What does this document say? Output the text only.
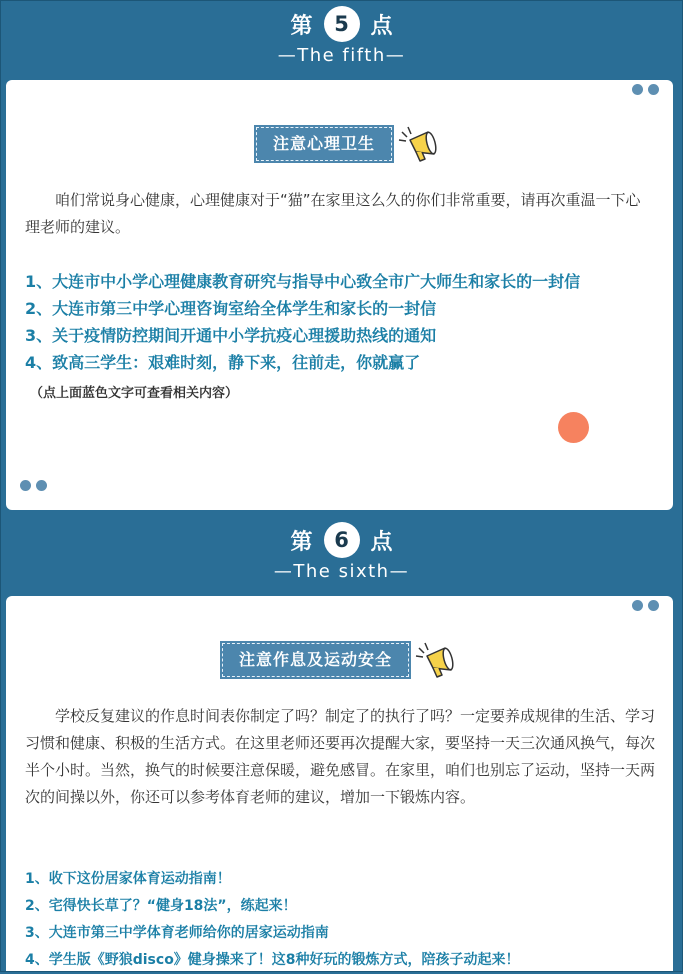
第	5 点
—The fifth—
注意心理卫生

咱们常说身心健康，心理健康对于“猫”在家里这么久的你们非常重要，请再次重温一下心理老师的建议。

1、大连市中小学心理健康教育研究与指导中心致全市广大师生和家长的一封信
2、大连市第三中学心理咨询室给全体学生和家长的一封信
3、关于疫情防控期间开通中小学抗疫心理援助热线的通知
4、致高三学生：艰难时刻，静下来，往前走，你就赢了
（点上面蓝色文字可查看相关内容）
第	6 点
—The sixth—
注意作息及运动安全

学校反复建议的作息时间表你制定了吗？制定了的执行了吗？一定要养成规律的生活、学习习惯和健康、积极的生活方式。在这里老师还要再次提醒大家，要坚持一天三次通风换气，每次半个小时。当然，换气的时候要注意保暖，避免感冒。在家里，咱们也别忘了运动，坚持一天两次的间操以外，你还可以参考体育老师的建议，增加一下锻炼内容。

1、收下这份居家体育运动指南！
2、宅得快长草了？“健身18法”，练起来！
3、大连市第三中学体育老师给你的居家运动指南
4、学生版《野狼disco》健身操来了！这8种好玩的锻炼方式，陪孩子动起来！
